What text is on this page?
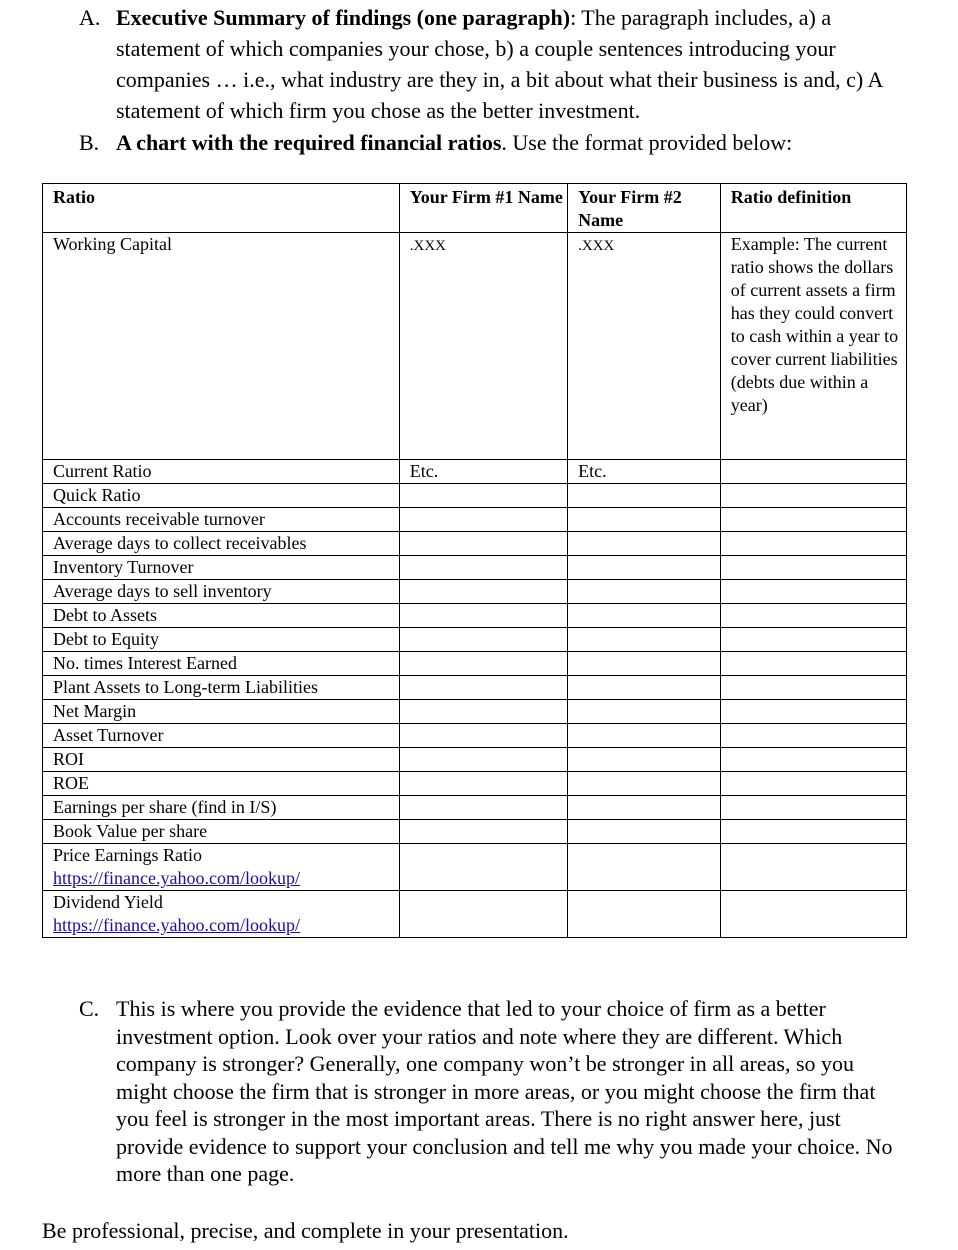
A. Executive Summary of findings (one paragraph): The paragraph includes, a) a statement of which companies your chose, b) a couple sentences introducing your companies … i.e., what industry are they in, a bit about what their business is and, c) A statement of which firm you chose as the better investment.
B. A chart with the required financial ratios. Use the format provided below:
Ratio	Your Firm #1 Name	Your Firm #2 Name	Ratio definition
Working Capital	.XXX	.XXX	Example: The current ratio shows the dollars of current assets a firm has they could convert to cash within a year to cover current liabilities (debts due within a year)
Current Ratio	Etc.	Etc.	
Quick Ratio			
Accounts receivable turnover			
Average days to collect receivables			
Inventory Turnover			
Average days to sell inventory			
Debt to Assets			
Debt to Equity			
No. times Interest Earned			
Plant Assets to Long-term Liabilities			
Net Margin			
Asset Turnover			
ROI			
ROE			
Earnings per share (find in I/S)			
Book Value per share			

Price Earnings Ratio
https://finance.yahoo.com/lookup/			

Dividend Yield
https://finance.yahoo.com/lookup/			

C. This is where you provide the evidence that led to your choice of firm as a better investment option. Look over your ratios and note where they are different. Which company is stronger? Generally, one company won’t be stronger in all areas, so you might choose the firm that is stronger in more areas, or you might choose the firm that you feel is stronger in the most important areas. There is no right answer here, just provide evidence to support your conclusion and tell me why you made your choice. No more than one page.
Be professional, precise, and complete in your presentation.
